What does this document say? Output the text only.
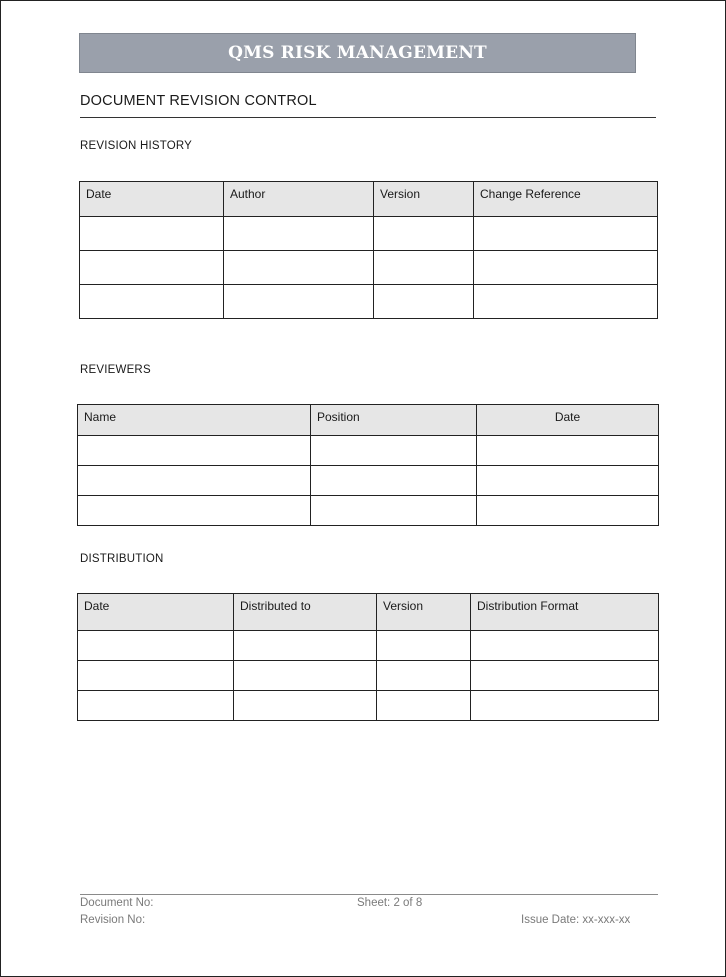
QMS RISK MANAGEMENT
DOCUMENT REVISION CONTROL
REVISION HISTORY
Date	Author	Version	Change Reference

REVIEWERS
Name	Position	Date

DISTRIBUTION
Date	Distributed to	Version	Distribution Format

Document No:	Sheet: 2 of 8
Revision No:	Issue Date: xx-xxx-xx
